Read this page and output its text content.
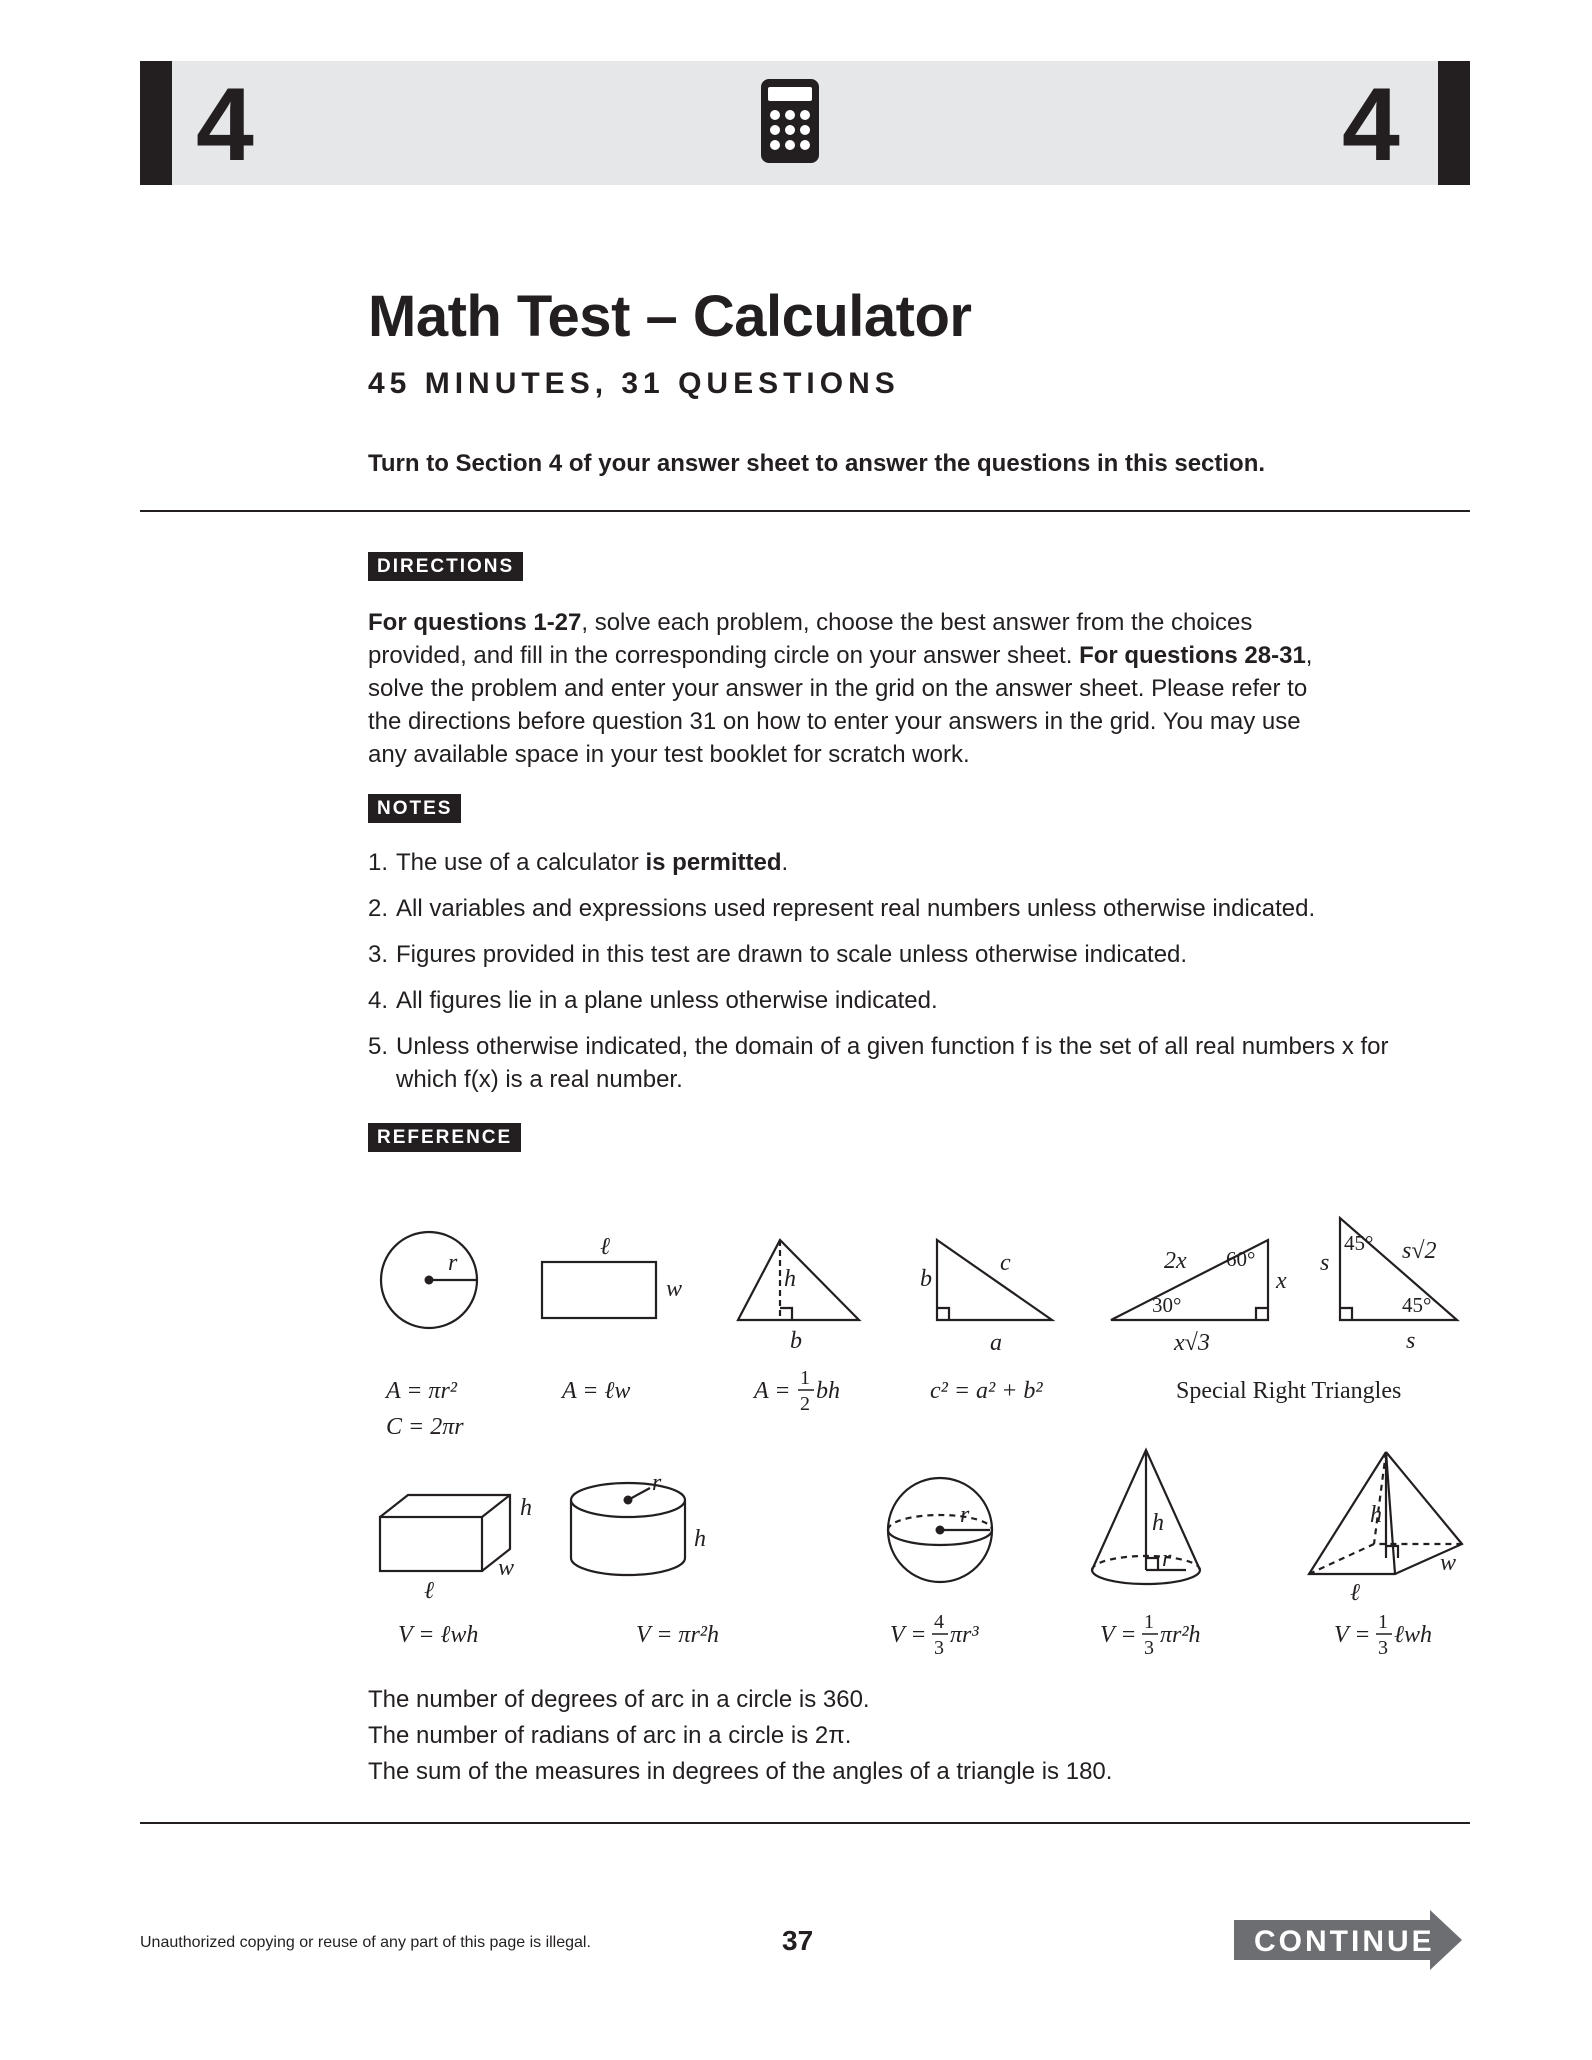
4	4
Math Test – Calculator
45 MINUTES, 31 QUESTIONS
Turn to Section 4 of your answer sheet to answer the questions in this section.
DIRECTIONS
For questions 1-27, solve each problem, choose the best answer from the choices provided, and fill in the corresponding circle on your answer sheet. For questions 28-31, solve the problem and enter your answer in the grid on the answer sheet. Please refer to the directions before question 31 on how to enter your answers in the grid. You may use any available space in your test booklet for scratch work.
NOTES
1. The use of a calculator is permitted.
2. All variables and expressions used represent real numbers unless otherwise indicated.
3. Figures provided in this test are drawn to scale unless otherwise indicated.
4. All figures lie in a plane unless otherwise indicated.
5. Unless otherwise indicated, the domain of a given function f is the set of all real numbers x for which f(x) is a real number.
REFERENCE
r
ℓ
w	h
b
b
c
a
2x
x
x√3
s
s
s√2
h
w
ℓ
r
h
r	h
r
h
ℓ
w
60°
30°
45°
45°
A = πr²
C = 2πr
A = ℓw	A = 1
2 bh	c² = a² + b²	Special Right Triangles
V = ℓwh	V = πr²h	V = 4
3 πr³	V = 1
3 πr²h	V = 1
3 ℓwh
The number of degrees of arc in a circle is 360.
The number of radians of arc in a circle is 2π.
The sum of the measures in degrees of the angles of a triangle is 180.
Unauthorized copying or reuse of any part of this page is illegal.	37	CONTINUE
